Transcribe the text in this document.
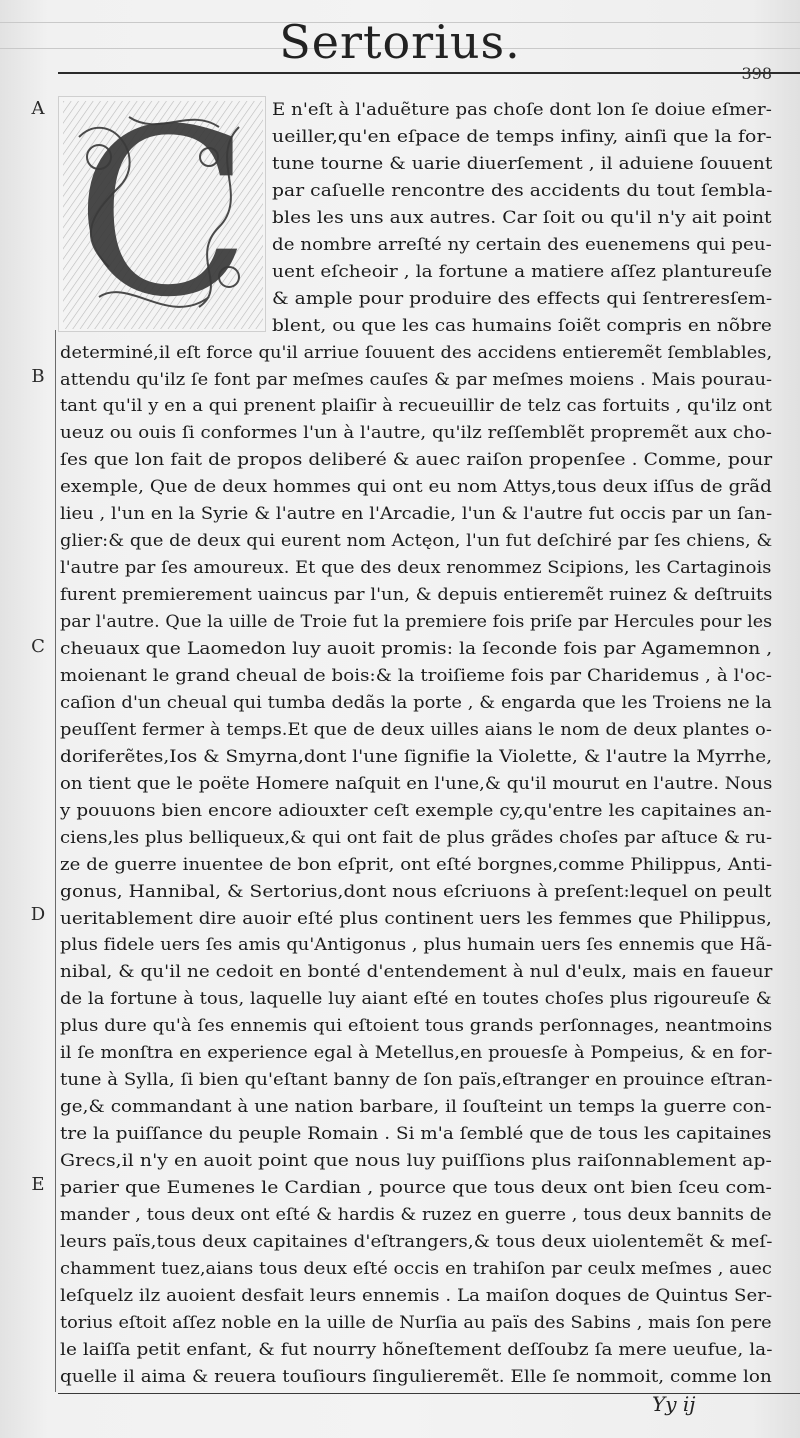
Sertorius.
398
A
B
C
D
E
C	E n'eſt à l'aduẽture pas choſe dont lon ſe doiue eſmer-
ueiller,qu'en eſpace de temps infiny, ainſi que la for-
tune tourne & uarie diuerſement , il aduiene ſouuent
par caſuelle rencontre des accidents du tout ſembla-
bles les uns aux autres. Car ſoit ou qu'il n'y ait point
de nombre arreſté ny certain des euenemens qui peu-
uent eſcheoir , la fortune a matiere aſſez plantureuſe
& ample pour produire des effects qui ſentreresſem-
blent, ou que les cas humains ſoiẽt compris en nõbre
determiné,il eſt force qu'il arriue ſouuent des accidens entieremẽt ſemblables,
attendu qu'ilz ſe font par meſmes cauſes & par meſmes moiens . Mais pourau-
tant qu'il y en a qui prenent plaiſir à recueuillir de telz cas fortuits , qu'ilz ont
ueuz ou ouis ſi conformes l'un à l'autre, qu'ilz reſſemblẽt propremẽt aux cho-
ſes que lon fait de propos deliberé & auec raiſon propenſee . Comme, pour
exemple, Que de deux hommes qui ont eu nom Attys,tous deux iſſus de grãd
lieu , l'un en la Syrie & l'autre en l'Arcadie, l'un & l'autre fut occis par un ſan-
glier:& que de deux qui eurent nom Actęon, l'un fut deſchiré par ſes chiens, &
l'autre par ſes amoureux. Et que des deux renommez Scipions, les Cartaginois
furent premierement uaincus par l'un, & depuis entieremẽt ruinez & deſtruits
par l'autre. Que la uille de Troie fut la premiere fois priſe par Hercules pour les
cheuaux que Laomedon luy auoit promis: la ſeconde fois par Agamemnon ,
moienant le grand cheual de bois:& la troiſieme fois par Charidemus , à l'oc-
caſion d'un cheual qui tumba dedãs la porte , & engarda que les Troiens ne la
peuſſent fermer à temps.Et que de deux uilles aians le nom de deux plantes o-
doriferẽtes,Ios & Smyrna,dont l'une ſignifie la Violette, & l'autre la Myrrhe,
on tient que le poëte Homere naſquit en l'une,& qu'il mourut en l'autre. Nous
y pouuons bien encore adiouxter ceſt exemple cy,qu'entre les capitaines an-
ciens,les plus belliqueux,& qui ont fait de plus grãdes choſes par aſtuce & ru-
ze de guerre inuentee de bon eſprit, ont eſté borgnes,comme Philippus, Anti-
gonus, Hannibal, & Sertorius,dont nous eſcriuons à preſent:lequel on peult
ueritablement dire auoir eſté plus continent uers les femmes que Philippus,
plus fidele uers ſes amis qu'Antigonus , plus humain uers ſes ennemis que Hã-
nibal, & qu'il ne cedoit en bonté d'entendement à nul d'eulx, mais en faueur
de la fortune à tous, laquelle luy aiant eſté en toutes choſes plus rigoureuſe &
plus dure qu'à ſes ennemis qui eſtoient tous grands perſonnages, neantmoins
il ſe monſtra en experience egal à Metellus,en prouesſe à Pompeius, & en for-
tune à Sylla, ſi bien qu'eſtant banny de ſon païs,eſtranger en prouince eſtran-
ge,& commandant à une nation barbare, il ſouſteint un temps la guerre con-
tre la puiſſance du peuple Romain . Si m'a ſemblé que de tous les capitaines
Grecs,il n'y en auoit point que nous luy puiſſions plus raiſonnablement ap-
parier que Eumenes le Cardian , pource que tous deux ont bien ſceu com-
mander , tous deux ont eſté & hardis & ruzez en guerre , tous deux bannits de
leurs païs,tous deux capitaines d'eſtrangers,& tous deux uiolentemẽt & meſ-
chamment tuez,aians tous deux eſté occis en trahiſon par ceulx meſmes , auec
leſquelz ilz auoient desfait leurs ennemis . La maiſon doques de Quintus Ser-
torius eſtoit aſſez noble en la uille de Nurſia au païs des Sabins , mais ſon pere
le laiſſa petit enfant, & fut nourry hõneſtement deſſoubz ſa mere ueufue, la-
quelle il aima & reuera touſiours ſingulieremẽt. Elle ſe nommoit, comme lon
Yy ij
